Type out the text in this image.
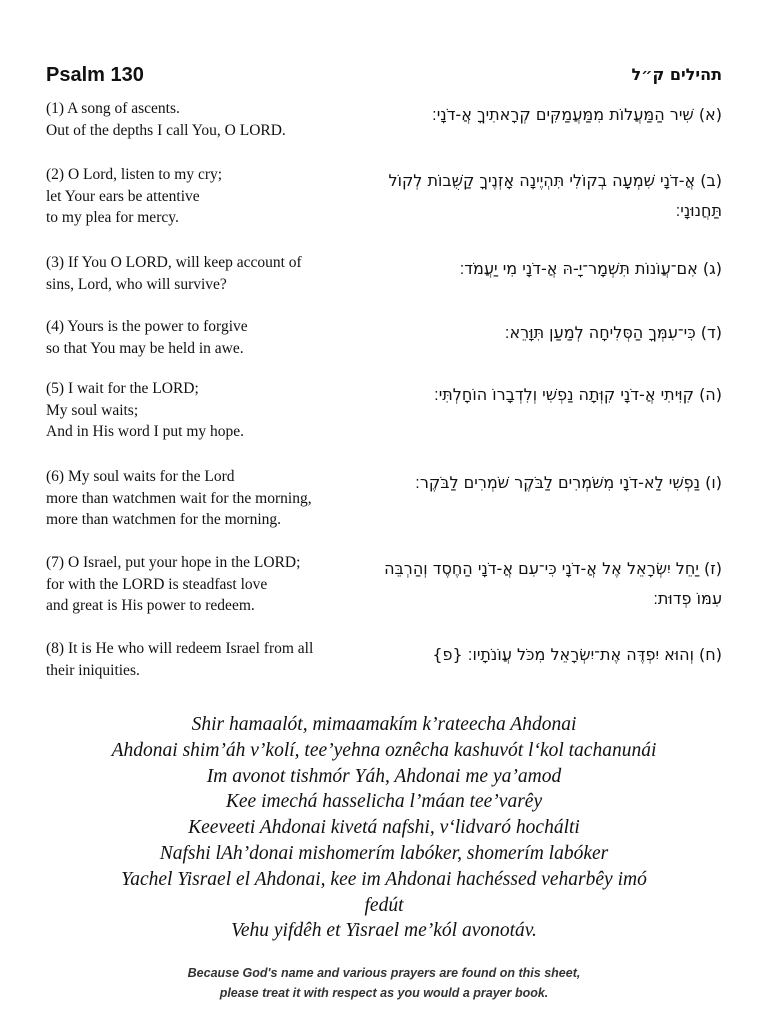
Psalm 130	תהילים ק״ל
(1) A song of ascents.
Out of the depths I call You, O LORD.
(א) שִׁיר הַמַּעֲלוֹת מִמַּעֲמַקִּים קְרָאתִיךָ אֲ-דֹנָי׃
(2) O Lord, listen to my cry;
let Your ears be attentive
to my plea for mercy.
(ב) אֲ-דֹנָי שִׁמְעָה בְקוֹלִי תִּהְיֶינָה אָזְנֶיךָ קַשֻּׁבוֹת לְקוֹל תַּחֲנוּנָי׃
(3) If You O LORD, will keep account of
sins, Lord, who will survive?
(ג) אִם־עֲוֺנוֹת תִּשְׁמָר־יָ-הּ אֲ-דֹנָי מִי יַעֲמֹד׃
(4) Yours is the power to forgive
so that You may be held in awe.
(ד) כִּי־עִמְּךָ הַסְּלִיחָה לְמַעַן תִּוָּרֵא׃
(5) I wait for the LORD;
My soul waits;
And in His word I put my hope.
(ה) קִוִּיתִי אֲ-דֹנָי קִוְּתָה נַפְשִׁי וְלִדְבָרוֹ הוֹחָלְתִּי׃
(6) My soul waits for the Lord
more than watchmen wait for the morning,
more than watchmen for the morning.
(ו) נַפְשִׁי לַא-דֹנָי מִשֹּׁמְרִים לַבֹּקֶר שֹׁמְרִים לַבֹּקֶר׃
(7) O Israel, put your hope in the LORD;
for with the LORD is steadfast love
and great is His power to redeem.
(ז) יַחֵל יִשְׂרָאֵל אֶל אֲ-דֹנָי כִּי־עִם אֲ-דֹנָי הַחֶסֶד וְהַרְבֵּה עִמּוֹ פְדוּת׃
(8) It is He who will redeem Israel from all
their iniquities.
(ח) וְהוּא יִפְדֶּה אֶת־יִשְׂרָאֵל מִכֹּל עֲוֺנֹתָיו׃ {פ}
Shir hamaalót, mimaamakím k’rateecha Ahdonai
Ahdonai shim’áh v’kolí, tee’yehna oznêcha kashuvót l‘kol tachanunái
Im avonot tishmór Yáh, Ahdonai me ya’amod
Kee imechá hasselicha l’máan tee’varêy
Keeveeti Ahdonai kivetá nafshi, v‘lidvaró hochálti
Nafshi lAh’donai mishomerím labóker, shomerím labóker
Yachel Yisrael el Ahdonai, kee im Ahdonai hachéssed veharbêy imó
fedút
Vehu yifdêh et Yisrael me’kól avonotáv.
Because God's name and various prayers are found on this sheet,
please treat it with respect as you would a prayer book.
